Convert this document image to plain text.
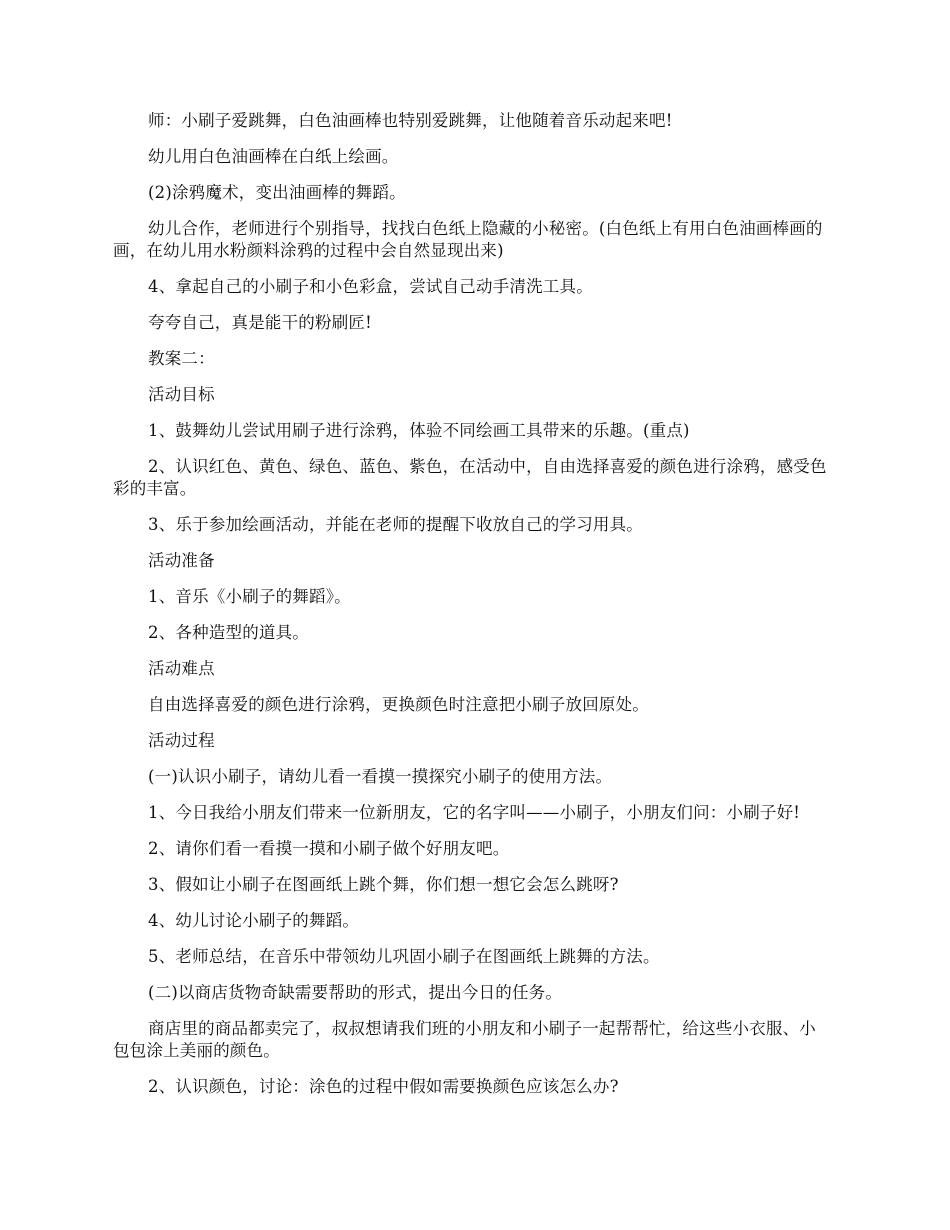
师：小刷子爱跳舞，白色油画棒也特别爱跳舞，让他随着音乐动起来吧!

幼儿用白色油画棒在白纸上绘画。

(2)涂鸦魔术，变出油画棒的舞蹈。

幼儿合作，老师进行个别指导，找找白色纸上隐藏的小秘密。(白色纸上有用白色油画棒画的画，在幼儿用水粉颜料涂鸦的过程中会自然显现出来)

4、拿起自己的小刷子和小色彩盒，尝试自己动手清洗工具。

夸夸自己，真是能干的粉刷匠!

教案二：

活动目标

1、鼓舞幼儿尝试用刷子进行涂鸦，体验不同绘画工具带来的乐趣。(重点)

2、认识红色、黄色、绿色、蓝色、紫色，在活动中，自由选择喜爱的颜色进行涂鸦，感受色彩的丰富。

3、乐于参加绘画活动，并能在老师的提醒下收放自己的学习用具。

活动准备

1、音乐《小刷子的舞蹈》。

2、各种造型的道具。

活动难点

自由选择喜爱的颜色进行涂鸦，更换颜色时注意把小刷子放回原处。

活动过程

(一)认识小刷子，请幼儿看一看摸一摸探究小刷子的使用方法。

1、今日我给小朋友们带来一位新朋友，它的名字叫——小刷子，小朋友们问：小刷子好!

2、请你们看一看摸一摸和小刷子做个好朋友吧。

3、假如让小刷子在图画纸上跳个舞，你们想一想它会怎么跳呀?

4、幼儿讨论小刷子的舞蹈。

5、老师总结，在音乐中带领幼儿巩固小刷子在图画纸上跳舞的方法。

(二)以商店货物奇缺需要帮助的形式，提出今日的任务。

商店里的商品都卖完了，叔叔想请我们班的小朋友和小刷子一起帮帮忙，给这些小衣服、小包包涂上美丽的颜色。

2、认识颜色，讨论：涂色的过程中假如需要换颜色应该怎么办?
